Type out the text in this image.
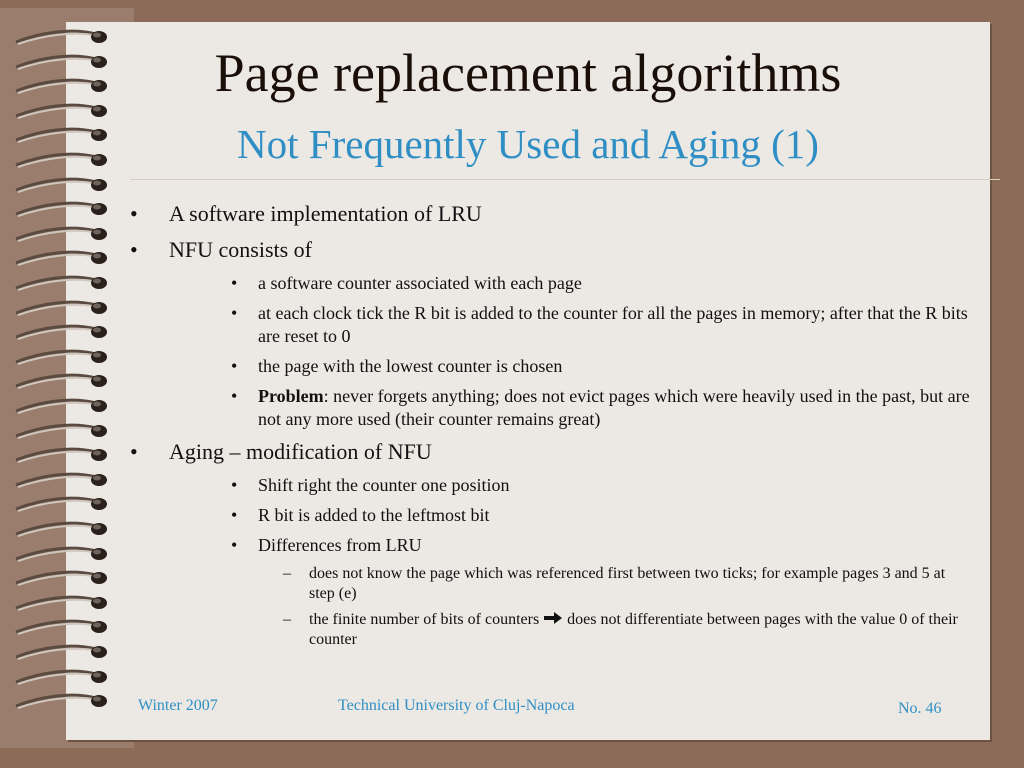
Page replacement algorithms
Not Frequently Used and Aging (1)
• A software implementation of LRU
• NFU consists of
• a software counter associated with each page
• at each clock tick the R bit is added to the counter for all the pages in memory; after that the R bits are reset to 0
• the page with the lowest counter is chosen
• Problem: never forgets anything; does not evict pages which were heavily used in the past, but are not any more used (their counter remains great)
• Aging – modification of NFU
• Shift right the counter one position
• R bit is added to the leftmost bit
• Differences from LRU
– does not know the page which was referenced first between two ticks; for example pages 3 and 5 at step (e)
– the finite number of bits of counters does not differentiate between pages with the value 0 of their counter
Winter 2007	Technical University of Cluj-Napoca	No. 46
